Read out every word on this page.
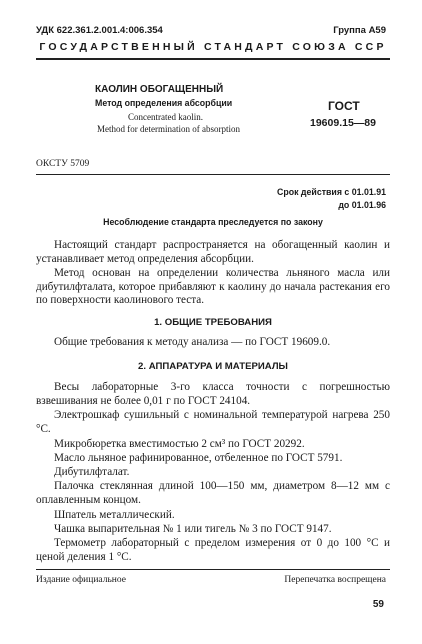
УДК 622.361.2.001.4:006.354	Группа А59
ГОСУДАРСТВЕННЫЙ СТАНДАРТ СОЮЗА ССР
КАОЛИН ОБОГАЩЕННЫЙ
Метод определения абсорбции
Concentrated kaolin.
Method for determination of absorption
ГОСТ
19609.15—89
ОКСТУ 5709
Срок действия с 01.01.91
до 01.01.96
Несоблюдение стандарта преследуется по закону
Настоящий стандарт распространяется на обогащенный каолин и устанавливает метод определения абсорбции.
Метод основан на определении количества льняного масла или дибутилфталата, которое прибавляют к каолину до начала растекания его по поверхности каолинового теста.
1. ОБЩИЕ ТРЕБОВАНИЯ
Общие требования к методу анализа — по ГОСТ 19609.0.
2. АППАРАТУРА И МАТЕРИАЛЫ
Весы лабораторные 3-го класса точности с погрешностью взвешивания не более 0,01 г по ГОСТ 24104.
Электрошкаф сушильный с номинальной температурой нагрева 250 °С.
Микробюретка вместимостью 2 см³ по ГОСТ 20292.
Масло льняное рафинированное, отбеленное по ГОСТ 5791.
Дибутилфталат.
Палочка стеклянная длиной 100—150 мм, диаметром 8—12 мм с оплавленным концом.
Шпатель металлический.
Чашка выпарительная № 1 или тигель № 3 по ГОСТ 9147.
Термометр лабораторный с пределом измерения от 0 до 100 °С и ценой деления 1 °С.
Издание официальное	Перепечатка воспрещена
59
